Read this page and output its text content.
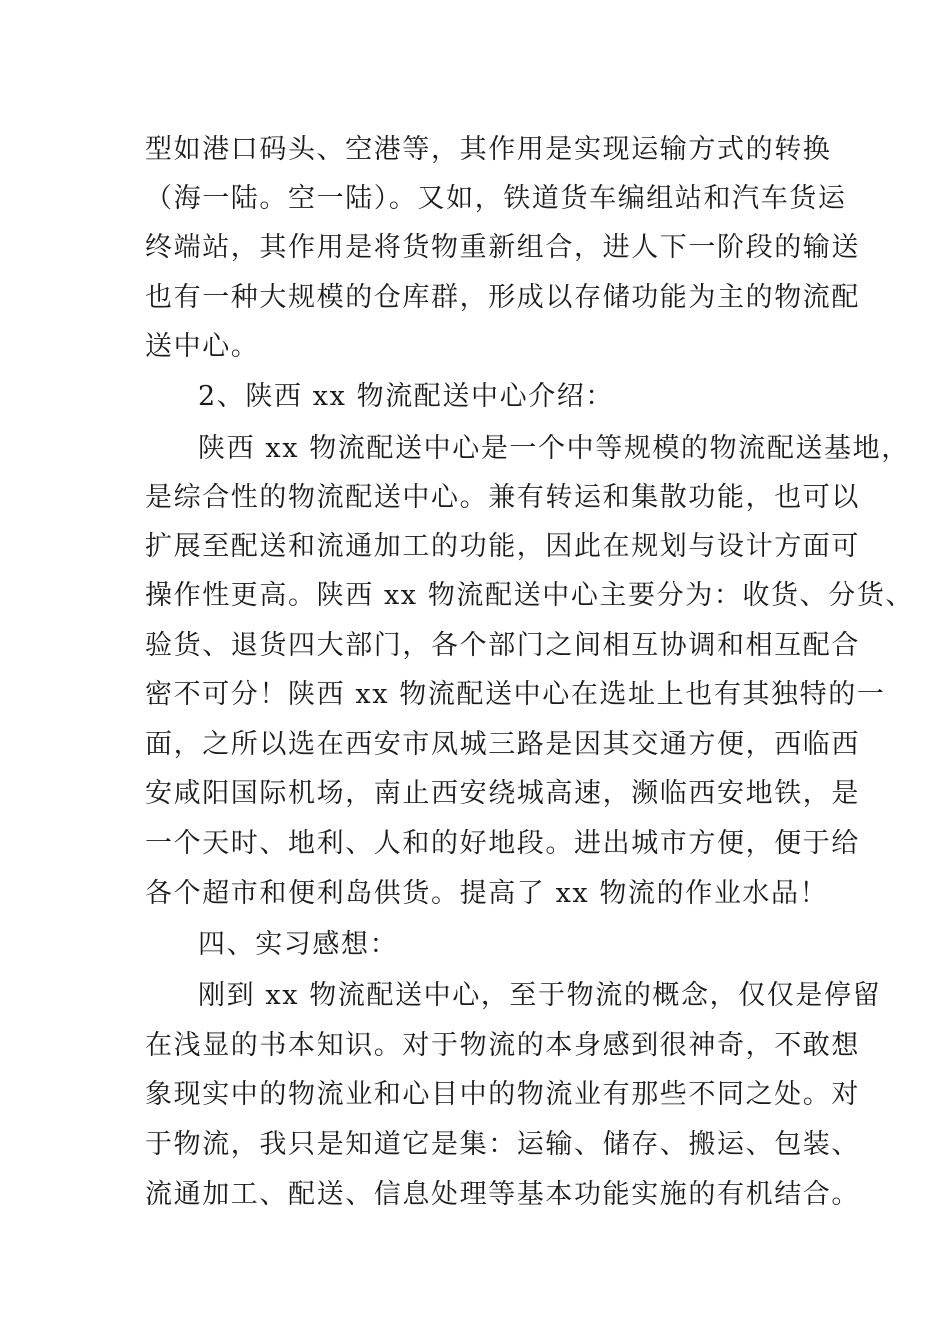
型如港口码头、空港等，其作用是实现运输方式的转换
（海一陆。空一陆）。又如，铁道货车编组站和汽车货运
终端站，其作用是将货物重新组合，进人下一阶段的输送
也有一种大规模的仓库群，形成以存储功能为主的物流配
送中心。
2、陕西 xx 物流配送中心介绍：
陕西 xx 物流配送中心是一个中等规模的物流配送基地，
是综合性的物流配送中心。兼有转运和集散功能，也可以
扩展至配送和流通加工的功能，因此在规划与设计方面可
操作性更高。陕西 xx 物流配送中心主要分为：收货、分货、
验货、退货四大部门，各个部门之间相互协调和相互配合
密不可分！陕西 xx 物流配送中心在选址上也有其独特的一
面，之所以选在西安市凤城三路是因其交通方便，西临西
安咸阳国际机场，南止西安绕城高速，濒临西安地铁，是
一个天时、地利、人和的好地段。进出城市方便，便于给
各个超市和便利岛供货。提高了 xx 物流的作业水品！
四、实习感想：
刚到 xx 物流配送中心，至于物流的概念，仅仅是停留
在浅显的书本知识。对于物流的本身感到很神奇，不敢想
象现实中的物流业和心目中的物流业有那些不同之处。对
于物流，我只是知道它是集：运输、储存、搬运、包装、
流通加工、配送、信息处理等基本功能实施的有机结合。
